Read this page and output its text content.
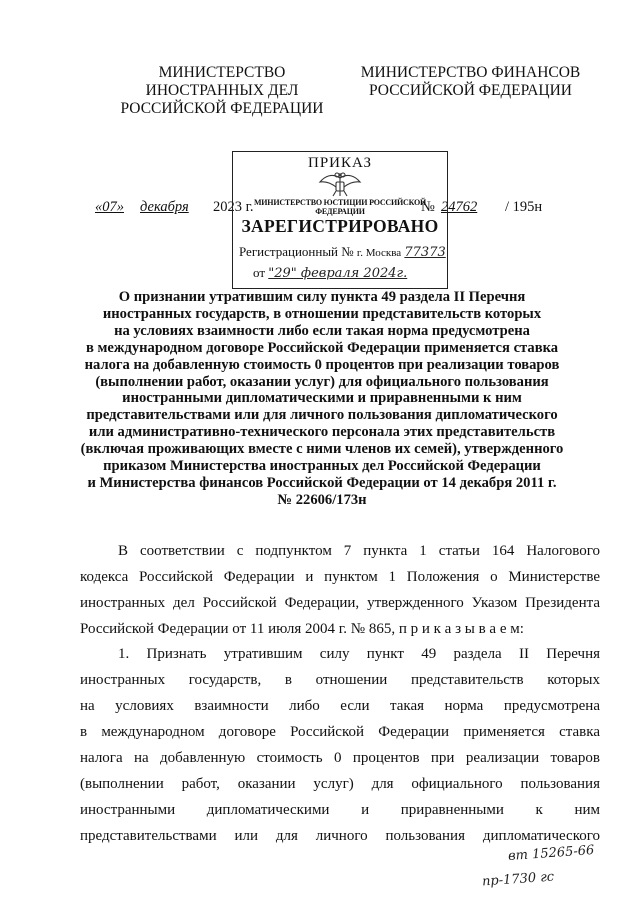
МИНИСТЕРСТВО
ИНОСТРАННЫХ ДЕЛ
РОССИЙСКОЙ ФЕДЕРАЦИИ
МИНИСТЕРСТВО ФИНАНСОВ
РОССИЙСКОЙ ФЕДЕРАЦИИ
«07» декабря 2023 г.	№ 24762 / 195н
ПРИКАЗ
МИНИСТЕРСТВО ЮСТИЦИИ РОССИЙСКОЙ ФЕДЕРАЦИИ
ЗАРЕГИСТРИРОВАНО
Регистрационный № г. Москва 77373
от "29" февраля 2024г.
О признании утратившим силу пункта 49 раздела II Перечня
иностранных государств, в отношении представительств которых
на условиях взаимности либо если такая норма предусмотрена
в международном договоре Российской Федерации применяется ставка
налога на добавленную стоимость 0 процентов при реализации товаров
(выполнении работ, оказании услуг) для официального пользования
иностранными дипломатическими и приравненными к ним
представительствами или для личного пользования дипломатического
или административно-технического персонала этих представительств
(включая проживающих вместе с ними членов их семей), утвержденного
приказом Министерства иностранных дел Российской Федерации
и Министерства финансов Российской Федерации от 14 декабря 2011 г.
№ 22606/173н
В соответствии с подпунктом 7 пункта 1 статьи 164 Налогового
кодекса Российской Федерации и пунктом 1 Положения о Министерстве
иностранных дел Российской Федерации, утвержденного Указом Президента
Российской Федерации от 11 июля 2004 г. № 865, п р и к а з ы в а е м:
1. Признать утратившим силу пункт 49 раздела II Перечня
иностранных государств, в отношении представительств которых
на условиях взаимности либо если такая норма предусмотрена
в международном договоре Российской Федерации применяется ставка
налога на добавленную стоимость 0 процентов при реализации товаров
(выполнении работ, оказании услуг) для официального пользования
иностранными дипломатическими и приравненными к ним
представительствами или для личного пользования дипломатического
вт 15265-66
пр-1730 гс
